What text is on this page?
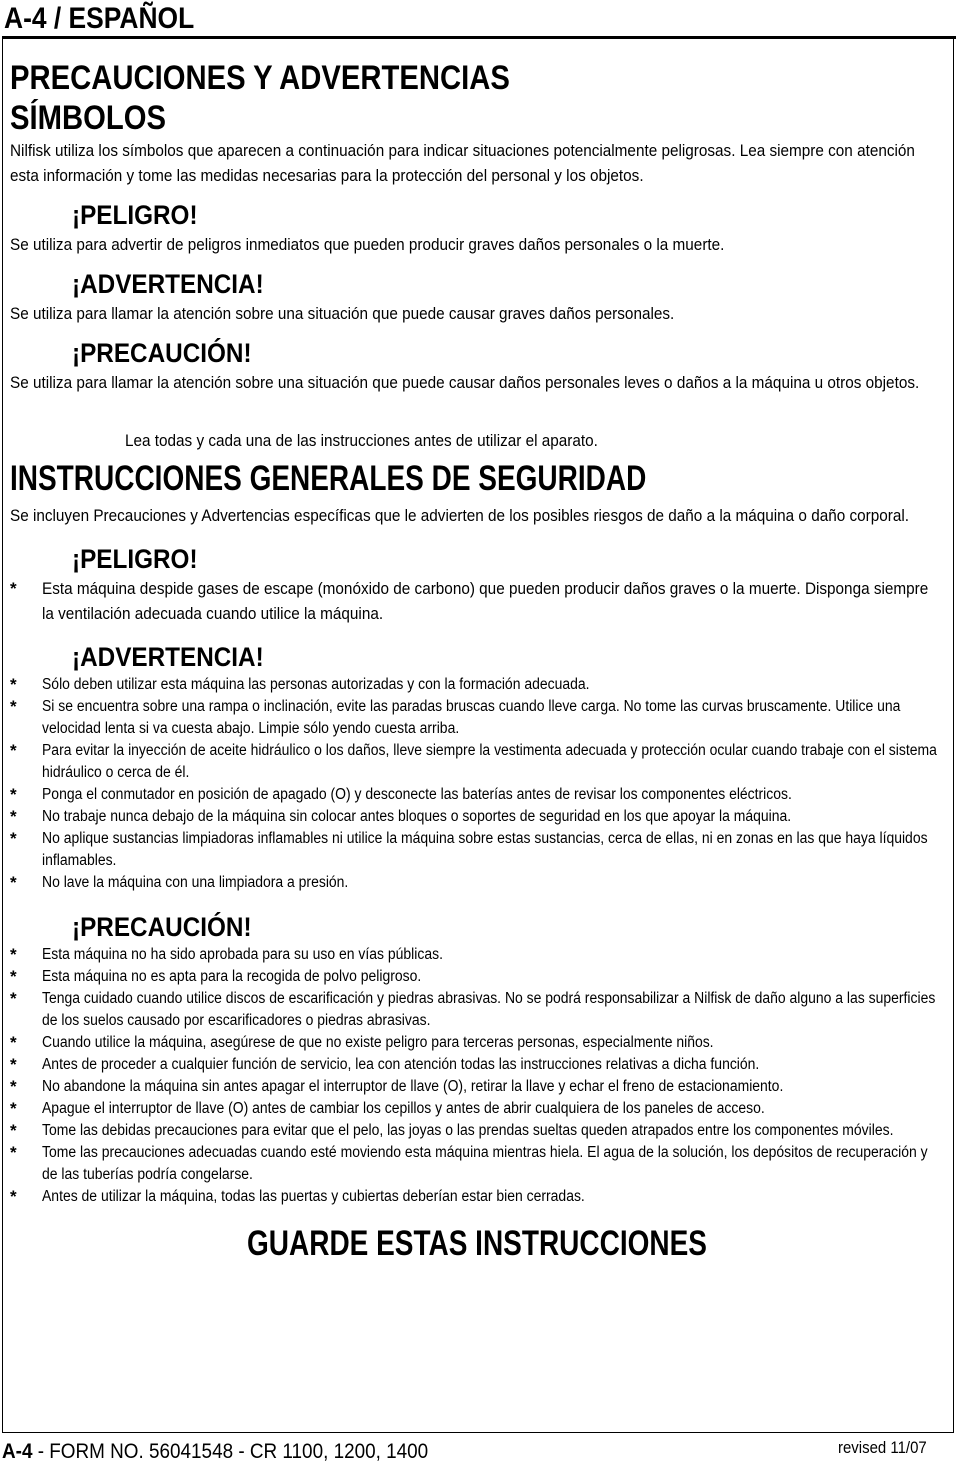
A-4 / ESPAÑOL
PRECAUCIONES Y ADVERTENCIAS
SÍMBOLOS

Nilfisk utiliza los símbolos que aparecen a continuación para indicar situaciones potencialmente peligrosas. Lea siempre con atención esta información y tome las medidas necesarias para la protección del personal y los objetos.

¡PELIGRO!

Se utiliza para advertir de peligros inmediatos que pueden producir graves daños personales o la muerte.

¡ADVERTENCIA!

Se utiliza para llamar la atención sobre una situación que puede causar graves daños personales.

¡PRECAUCIÓN!

Se utiliza para llamar la atención sobre una situación que puede causar daños personales leves o daños a la máquina u otros objetos.

Lea todas y cada una de las instrucciones antes de utilizar el aparato.
INSTRUCCIONES GENERALES DE SEGURIDAD

Se incluyen Precauciones y Advertencias específicas que le advierten de los posibles riesgos de daño a la máquina o daño corporal.

¡PELIGRO!
* Esta máquina despide gases de escape (monóxido de carbono) que pueden producir daños graves o la muerte. Disponga siempre la ventilación adecuada cuando utilice la máquina.
¡ADVERTENCIA!
* Sólo deben utilizar esta máquina las personas autorizadas y con la formación adecuada.
* Si se encuentra sobre una rampa o inclinación, evite las paradas bruscas cuando lleve carga. No tome las curvas bruscamente. Utilice una velocidad lenta si va cuesta abajo. Limpie sólo yendo cuesta arriba.
* Para evitar la inyección de aceite hidráulico o los daños, lleve siempre la vestimenta adecuada y protección ocular cuando trabaje con el sistema hidráulico o cerca de él.
* Ponga el conmutador en posición de apagado (O) y desconecte las baterías antes de revisar los componentes eléctricos.
* No trabaje nunca debajo de la máquina sin colocar antes bloques o soportes de seguridad en los que apoyar la máquina.
* No aplique sustancias limpiadoras inflamables ni utilice la máquina sobre estas sustancias, cerca de ellas, ni en zonas en las que haya líquidos inflamables.
* No lave la máquina con una limpiadora a presión.
¡PRECAUCIÓN!
* Esta máquina no ha sido aprobada para su uso en vías públicas.
* Esta máquina no es apta para la recogida de polvo peligroso.
* Tenga cuidado cuando utilice discos de escarificación y piedras abrasivas. No se podrá responsabilizar a Nilfisk de daño alguno a las superficies de los suelos causado por escarificadores o piedras abrasivas.
* Cuando utilice la máquina, asegúrese de que no existe peligro para terceras personas, especialmente niños.
* Antes de proceder a cualquier función de servicio, lea con atención todas las instrucciones relativas a dicha función.
* No abandone la máquina sin antes apagar el interruptor de llave (O), retirar la llave y echar el freno de estacionamiento.
* Apague el interruptor de llave (O) antes de cambiar los cepillos y antes de abrir cualquiera de los paneles de acceso.
* Tome las debidas precauciones para evitar que el pelo, las joyas o las prendas sueltas queden atrapados entre los componentes móviles.
* Tome las precauciones adecuadas cuando esté moviendo esta máquina mientras hiela. El agua de la solución, los depósitos de recuperación y de las tuberías podría congelarse.
* Antes de utilizar la máquina, todas las puertas y cubiertas deberían estar bien cerradas.
GUARDE ESTAS INSTRUCCIONES
A-4 - FORM NO. 56041548 - CR 1100, 1200, 1400	revised 11/07
